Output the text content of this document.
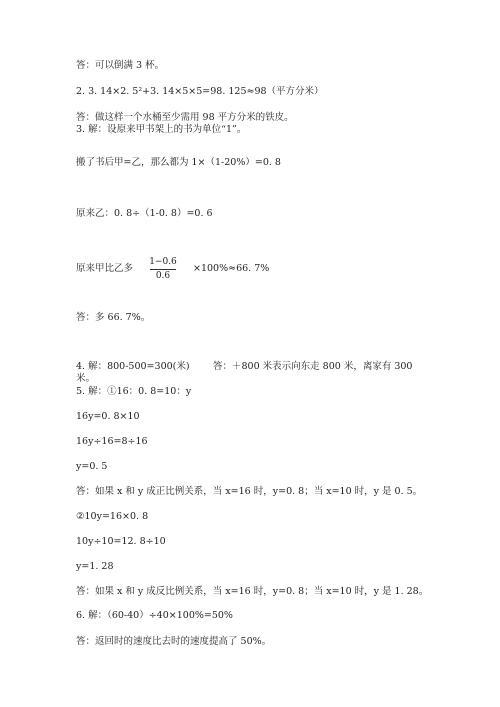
答：可以倒满 3 杯。
2. 3. 14×2. 5²+3. 14×5×5=98. 125≈98（平方分米）
答：做这样一个水桶至少需用 98 平方分米的铁皮。
3. 解：设原来甲书架上的书为单位“1”。
搬了书后甲=乙，那么都为 1×（1-20%）=0. 8
原来乙：0. 8÷（1-0. 8）=0. 6
原来甲比乙多
1−0.6
0.6
×100%≈66. 7%
答：多 66. 7%。
4. 解：800-500=300(米) 答：＋800 米表示向东走 800 米，离家有 300
米。
5. 解：①16：0. 8=10：y
16y=0. 8×10
16y÷16=8÷16
y=0. 5
答：如果 x 和 y 成正比例关系，当 x=16 时，y=0. 8；当 x=10 时，y 是 0. 5。
②10y=16×0. 8
10y÷10=12. 8÷10
y=1. 28
答：如果 x 和 y 成反比例关系，当 x=16 时，y=0. 8；当 x=10 时，y 是 1. 28。
6. 解：（60-40）÷40×100%=50%
答：返回时的速度比去时的速度提高了 50%。
